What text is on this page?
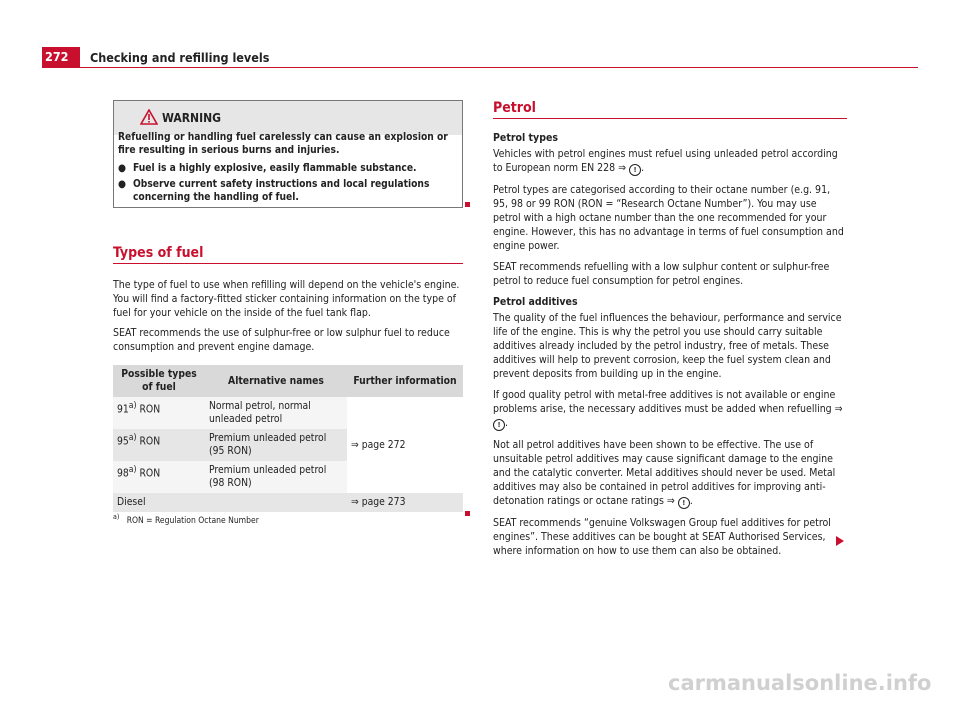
272	Checking and refilling levels
WARNING

Refuelling or handling fuel carelessly can cause an explosion or fire resulting in serious burns and injuries.

● Fuel is a highly explosive, easily flammable substance.
● Observe current safety instructions and local regulations concerning the handling of fuel.
Types of fuel

The type of fuel to use when refilling will depend on the vehicle's engine. You will find a factory-fitted sticker containing information on the type of fuel for your vehicle on the inside of the fuel tank flap.

SEAT recommends the use of sulphur-free or low sulphur fuel to reduce consumption and prevent engine damage.

Possible types of fuel	Alternative names	Further information
91$^{a)}$ RON	Normal petrol, normal unleaded petrol	⇒ page 272
95$^{a)}$ RON	Premium unleaded petrol (95 RON)	
98$^{a)}$ RON	Premium unleaded petrol (98 RON)	
Diesel		⇒ page 273
$^{a)}$ RON = Regulation Octane Number
Petrol

Petrol types

Vehicles with petrol engines must refuel using unleaded petrol according to European norm EN 228 ⇒ ! .

Petrol types are categorised according to their octane number (e.g. 91, 95, 98 or 99 RON (RON = “Research Octane Number”). You may use petrol with a high octane number than the one recommended for your engine. However, this has no advantage in terms of fuel consumption and engine power.

SEAT recommends refuelling with a low sulphur content or sulphur-free petrol to reduce fuel consumption for petrol engines.

Petrol additives

The quality of the fuel influences the behaviour, performance and service life of the engine. This is why the petrol you use should carry suitable additives already included by the petrol industry, free of metals. These additives will help to prevent corrosion, keep the fuel system clean and prevent deposits from building up in the engine.

If good quality petrol with metal-free additives is not available or engine problems arise, the necessary additives must be added when refuelling ⇒ ! .

Not all petrol additives have been shown to be effective. The use of unsuitable petrol additives may cause significant damage to the engine and the catalytic converter. Metal additives should never be used. Metal additives may also be contained in petrol additives for improving anti-detonation ratings or octane ratings ⇒ ! .

SEAT recommends “genuine Volkswagen Group fuel additives for petrol engines”. These additives can be bought at SEAT Authorised Services, where information on how to use them can also be obtained.

carmanualsonline.info
